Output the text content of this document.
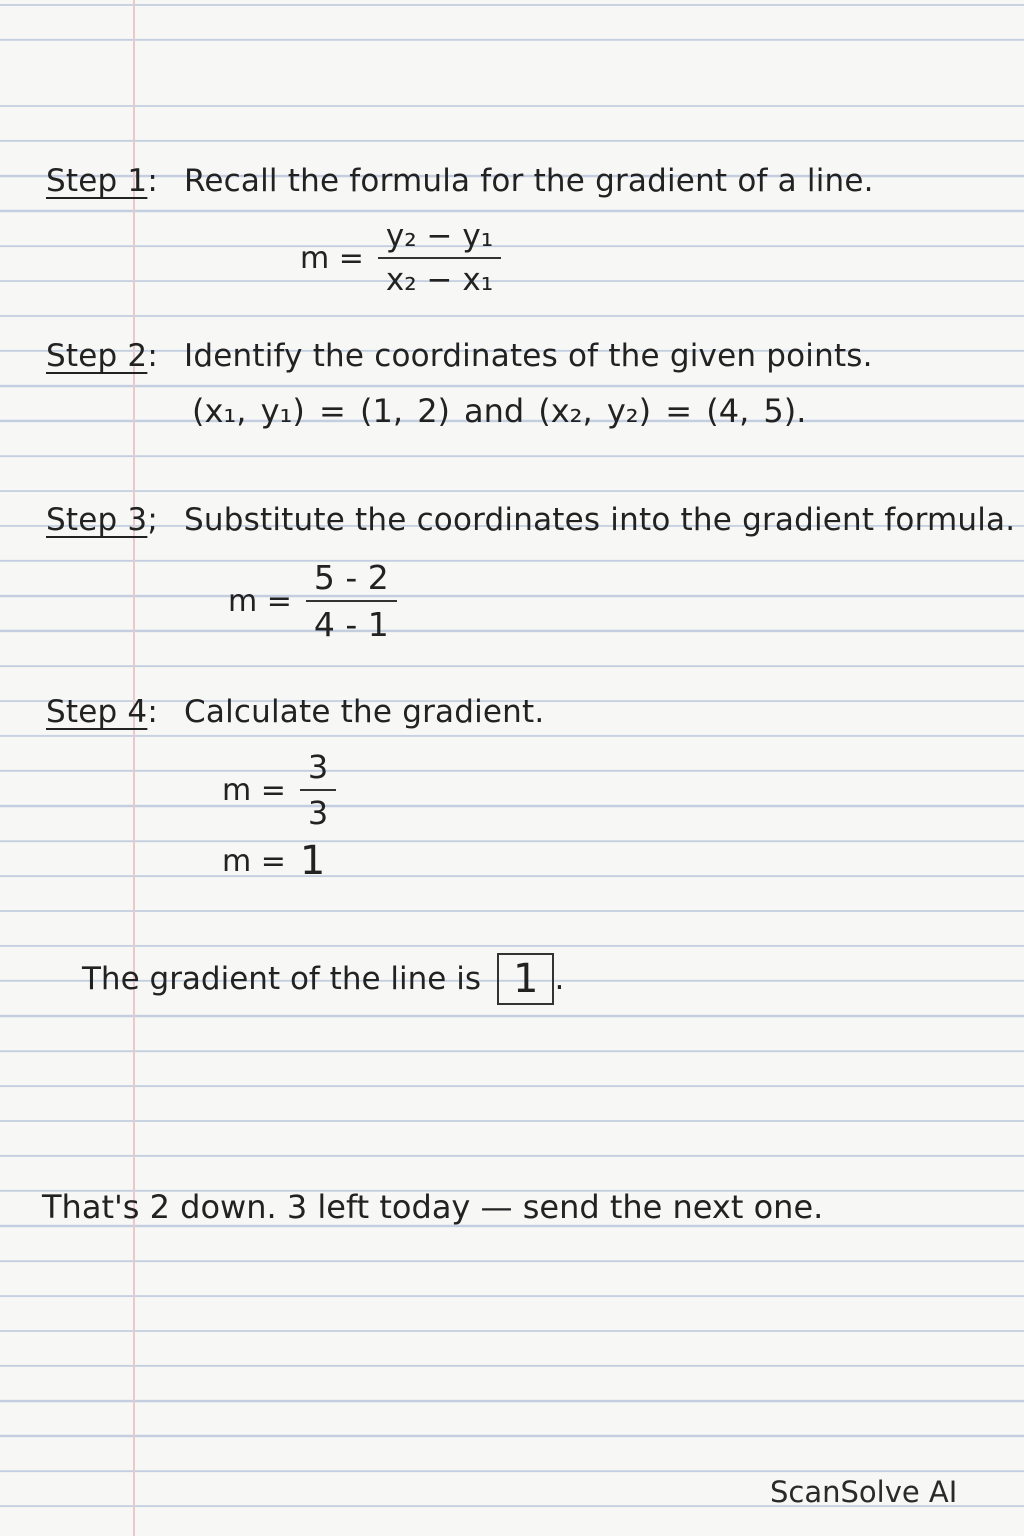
Step 1: Recall the formula for the gradient of a line.
$m = \frac{\text{y₂ − y₁}}{\text{x₂ − x₁}}$
Step 2: Identify the coordinates of the given points.
(x₁, y₁) = (1, 2) and (x₂, y₂) = (4, 5).
Step 3; Substitute the coordinates into the gradient formula.
$m = \frac{5 - 2}{4 - 1}$
Step 4: Calculate the gradient.
$m = \frac{3}{3}$
m = 1
The gradient of the line is 1 .
That's 2 down. 3 left today — send the next one.
ScanSolve AI
